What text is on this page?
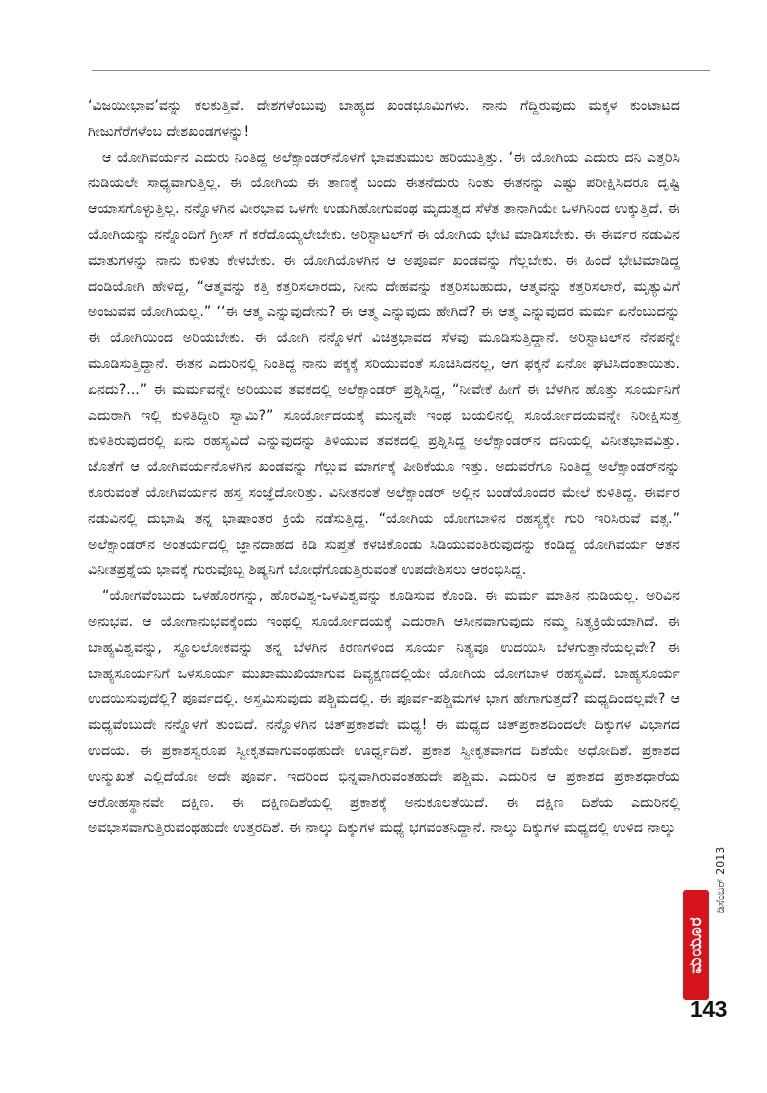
‘ವಿಜಯೀಭಾವ’ವನ್ನು ಕಲಕುತ್ತಿವೆ. ದೇಶಗಳೆಂಬುವು ಬಾಹ್ಯದ ಖಂಡಭೂಮಿಗಳು. ನಾನು ಗೆದ್ದಿರುವುದು ಮಕ್ಕಳ ಕುಂಟಾಟದ ಗೀಜುಗೆರೆಗಳೆಂಬ ದೇಶಖಂಡಗಳನ್ನು!

ಆ ಯೋಗಿವರ್ಯನ ಎದುರು ನಿಂತಿದ್ದ ಅಲೆಕ್ಸಾಂಡರ್‌ನೊಳಗೆ ಭಾವತುಮುಲ ಹರಿಯುತ್ತಿತ್ತು. ‘ಈ ಯೋಗಿಯ ಎದುರು ದನಿ ಎತ್ತರಿಸಿ ನುಡಿಯಲೇ ಸಾಧ್ಯವಾಗುತ್ತಿಲ್ಲ. ಈ ಯೋಗಿಯ ಈ ತಾಣಕ್ಕೆ ಬಂದು ಈತನೆದುರು ನಿಂತು ಈತನನ್ನು ಎಷ್ಟು ಪರೀಕ್ಷಿಸಿದರೂ ದೃಷ್ಟಿ ಆಯಾಸಗೊಳ್ಳುತ್ತಿಲ್ಲ. ನನ್ನೊಳಗಿನ ವೀರಭಾವ ಒಳಗೇ ಉಡುಗಿಹೋಗುವಂಥ ಮೃದುತ್ವದ ಸೆಳೆತ ತಾನಾಗಿಯೇ ಒಳಗಿನಿಂದ ಉಕ್ಕುತ್ತಿದೆ. ಈ ಯೋಗಿಯನ್ನು ನನ್ನೊಂದಿಗೆ ಗ್ರೀಸ್ ಗೆ ಕರೆದೊಯ್ಯಲೇಬೇಕು. ಅರಿಸ್ಟಾಟಲ್‌ಗೆ ಈ ಯೋಗಿಯ ಭೇಟಿ ಮಾಡಿಸಬೇಕು. ಈ ಈರ್ವರ ನಡುವಿನ ಮಾತುಗಳನ್ನು ನಾನು ಕುಳಿತು ಕೇಳಬೇಕು. ಈ ಯೋಗಿಯೊಳಗಿನ ಆ ಅಪೂರ್ವ ಖಂಡವನ್ನು ಗೆಲ್ಲಬೇಕು. ಈ ಹಿಂದೆ ಭೇಟಿಮಾಡಿದ್ದ ದಂಡಿಯೋಗಿ ಹೇಳಿದ್ದ, “ಆತ್ಮವನ್ನು ಕತ್ತಿ ಕತ್ತರಿಸಲಾರದು, ನೀನು ದೇಹವನ್ನು ಕತ್ತರಿಸಬಹುದು, ಆತ್ಮವನ್ನು ಕತ್ತರಿಸಲಾರೆ, ಮೃತ್ಯುವಿಗೆ ಅಂಜುವವ ಯೋಗಿಯಲ್ಲ.” ‘‘ಈ ಆತ್ಮ ಎನ್ನುವುದೇನು? ಈ ಆತ್ಮ ಎನ್ನುವುದು ಹೇಗಿದೆ? ಈ ಆತ್ಮ ಎನ್ನುವುದರ ಮರ್ಮ ಏನೆಂಬುದನ್ನು ಈ ಯೋಗಿಯಿಂದ ಅರಿಯಬೇಕು. ಈ ಯೋಗಿ ನನ್ನೊಳಗೆ ವಿಚಿತ್ರಭಾವದ ಸೆಳವು ಮೂಡಿಸುತ್ತಿದ್ದಾನೆ. ಅರಿಸ್ಟಾಟಲ್‌ನ ನೆನಪನ್ನೇ ಮೂಡಿಸುತ್ತಿದ್ದಾನೆ. ಈತನ ಎದುರಿನಲ್ಲಿ ನಿಂತಿದ್ದ ನಾನು ಪಕ್ಕಕ್ಕೆ ಸರಿಯುವಂತೆ ಸೂಚಿಸಿದನಲ್ಲ, ಆಗ ಫಕ್ಕನೆ ಏನೋ ಘಟಿಸಿದಂತಾಯಿತು. ಏನದು?...” ಈ ಮರ್ಮವನ್ನೇ ಅರಿಯುವ ತವಕದಲ್ಲಿ ಅಲೆಕ್ಸಾಂಡರ್ ಪ್ರಶ್ನಿಸಿದ್ದ, “ನೀವೇಕೆ ಹೀಗೆ ಈ ಬೆಳಗಿನ ಹೊತ್ತು ಸೂರ್ಯನಿಗೆ ಎದುರಾಗಿ ಇಲ್ಲಿ ಕುಳಿತಿದ್ದೀರಿ ಸ್ವಾಮಿ?” ಸೂರ್ಯೋದಯಕ್ಕೆ ಮುನ್ನವೇ ಇಂಥ ಬಯಲಿನಲ್ಲಿ ಸೂರ್ಯೋದಯವನ್ನೇ ನಿರೀಕ್ಷಿಸುತ್ತ ಕುಳಿತಿರುವುದರಲ್ಲಿ ಏನು ರಹಸ್ಯವಿದೆ ಎನ್ನುವುದನ್ನು ತಿಳಿಯುವ ತವಕದಲ್ಲಿ ಪ್ರಶ್ನಿಸಿದ್ದ ಅಲೆಕ್ಸಾಂಡರ್‌ನ ದನಿಯಲ್ಲಿ ವಿನೀತಭಾವವಿತ್ತು. ಜೊತೆಗೆ ಆ ಯೋಗಿವರ್ಯನೊಳಗಿನ ಖಂಡವನ್ನು ಗೆಲ್ಲುವ ಮಾರ್ಗಕ್ಕೆ ಪೀಠಿಕೆಯೂ ಇತ್ತು. ಅದುವರೆಗೂ ನಿಂತಿದ್ದ ಅಲೆಕ್ಸಾಂಡರ್‌ನನ್ನು ಕೂರುವಂತೆ ಯೋಗಿವರ್ಯನ ಹಸ್ತ ಸಂಜ್ಞೆದೋರಿತ್ತು. ವಿನೀತನಂತೆ ಅಲೆಕ್ಸಾಂಡರ್ ಅಲ್ಲಿನ ಬಂಡೆಯೊಂದರ ಮೇಲೆ ಕುಳಿತಿದ್ದ. ಈರ್ವರ ನಡುವಿನಲ್ಲಿ ದುಭಾಷಿ ತನ್ನ ಭಾಷಾಂತರ ಕ್ರಿಯೆ ನಡೆಸುತ್ತಿದ್ದ. “ಯೋಗಿಯ ಯೋಗಬಾಳಿನ ರಹಸ್ಯಕ್ಕೇ ಗುರಿ ಇರಿಸಿರುವೆ ವತ್ಸ.” ಅಲೆಕ್ಸಾಂಡರ್‌ನ ಅಂತರ್ಯದಲ್ಲಿ ಜ್ಞಾನದಾಹದ ಕಿಡಿ ಸುಪ್ತತೆ ಕಳಚಿಕೊಂಡು ಸಿಡಿಯುವಂತಿರುವುದನ್ನು ಕಂಡಿದ್ದ ಯೋಗಿವರ್ಯ ಆತನ ವಿನೀತಪ್ರಶ್ನೆಯ ಭಾವಕ್ಕೆ ಗುರುವೊಬ್ಬ ಶಿಷ್ಯನಿಗೆ ಬೋಧೆಗೊಡುತ್ತಿರುವಂತೆ ಉಪದೇಶಿಸಲು ಆರಂಭಿಸಿದ್ದ.

“ಯೋಗವೆಂಬುದು ಒಳಹೊರಗನ್ನು, ಹೊರವಿಶ್ವ-ಒಳವಿಶ್ವವನ್ನು ಕೂಡಿಸುವ ಕೊಂಡಿ. ಈ ಮರ್ಮ ಮಾತಿನ ನುಡಿಯಲ್ಲ. ಅರಿವಿನ ಅನುಭವ. ಆ ಯೋಗಾನುಭವಕ್ಕೆಂದು ಇಂಥಲ್ಲಿ ಸೂರ್ಯೋದಯಕ್ಕೆ ಎದುರಾಗಿ ಆಸೀನವಾಗುವುದು ನಮ್ಮ ನಿತ್ಯಕ್ರಿಯೆಯಾಗಿದೆ. ಈ ಬಾಹ್ಯವಿಶ್ವವನ್ನು, ಸ್ಥೂಲಲೋಕವನ್ನು ತನ್ನ ಬೆಳಗಿನ ಕಿರಣಗಳಿಂದ ಸೂರ್ಯ ನಿತ್ಯವೂ ಉದಯಿಸಿ ಬೆಳಗುತ್ತಾನೆಯಲ್ಲವೇ? ಈ ಬಾಹ್ಯಸೂರ್ಯನಿಗೆ ಒಳಸೂರ್ಯ ಮುಖಾಮುಖಿಯಾಗುವ ದಿವ್ಯಕ್ಷಣದಲ್ಲಿಯೇ ಯೋಗಿಯ ಯೋಗಬಾಳ ರಹಸ್ಯವಿದೆ. ಬಾಹ್ಯಸೂರ್ಯ ಉದಯಿಸುವುದೆಲ್ಲಿ? ಪೂರ್ವದಲ್ಲಿ. ಅಸ್ತಮಿಸುವುದು ಪಶ್ಚಿಮದಲ್ಲಿ. ಈ ಪೂರ್ವ-ಪಶ್ಚಿಮಗಳ ಭಾಗ ಹೇಗಾಗುತ್ತದೆ? ಮಧ್ಯದಿಂದಲ್ಲವೇ? ಆ ಮಧ್ಯವೆಂಬುದೇ ನನ್ನೊಳಗೆ ತುಂಬಿದೆ. ನನ್ನೊಳಗಿನ ಚಿತ್‌ಪ್ರಕಾಶವೇ ಮಧ್ಯ! ಈ ಮಧ್ಯದ ಚಿತ್‌ಪ್ರಕಾಶದಿಂದಲೇ ದಿಕ್ಕುಗಳ ವಿಭಾಗದ ಉದಯ. ಈ ಪ್ರಕಾಶಸ್ವರೂಪ ಸ್ವೀಕೃತವಾಗುವಂಥಹುದೇ ಊರ್ಧ್ವದಿಶೆ. ಪ್ರಕಾಶ ಸ್ವೀಕೃತವಾಗದ ದಿಶೆಯೇ ಅಧೋದಿಶೆ. ಪ್ರಕಾಶದ ಉನ್ಮುಖತೆ ಎಲ್ಲಿದೆಯೋ ಅದೇ ಪೂರ್ವ. ಇದರಿಂದ ಭಿನ್ನವಾಗಿರುವಂತಹುದೇ ಪಶ್ಚಿಮ. ಎದುರಿನ ಆ ಪ್ರಕಾಶದ ಪ್ರಕಾಶಧಾರೆಯ ಆರೋಹಸ್ಥಾನವೇ ದಕ್ಷಿಣ. ಈ ದಕ್ಷಿಣದಿಶೆಯಲ್ಲಿ ಪ್ರಕಾಶಕ್ಕೆ ಅನುಕೂಲತೆಯಿದೆ. ಈ ದಕ್ಷಿಣ ದಿಶೆಯ ಎದುರಿನಲ್ಲಿ ಅವಭಾಸವಾಗುತ್ತಿರುವಂಥಹುದೇ ಉತ್ತರದಿಶೆ. ಈ ನಾಲ್ಕು ದಿಕ್ಕುಗಳ ಮಧ್ಯೆ ಭಗವಂತನಿದ್ದಾನೆ. ನಾಲ್ಕು ದಿಕ್ಕುಗಳ ಮಧ್ಯದಲ್ಲಿ ಉಳಿದ ನಾಲ್ಕು

ಡಿಸೆಂಬರ್ 2013
ಮಯೂರ
143
